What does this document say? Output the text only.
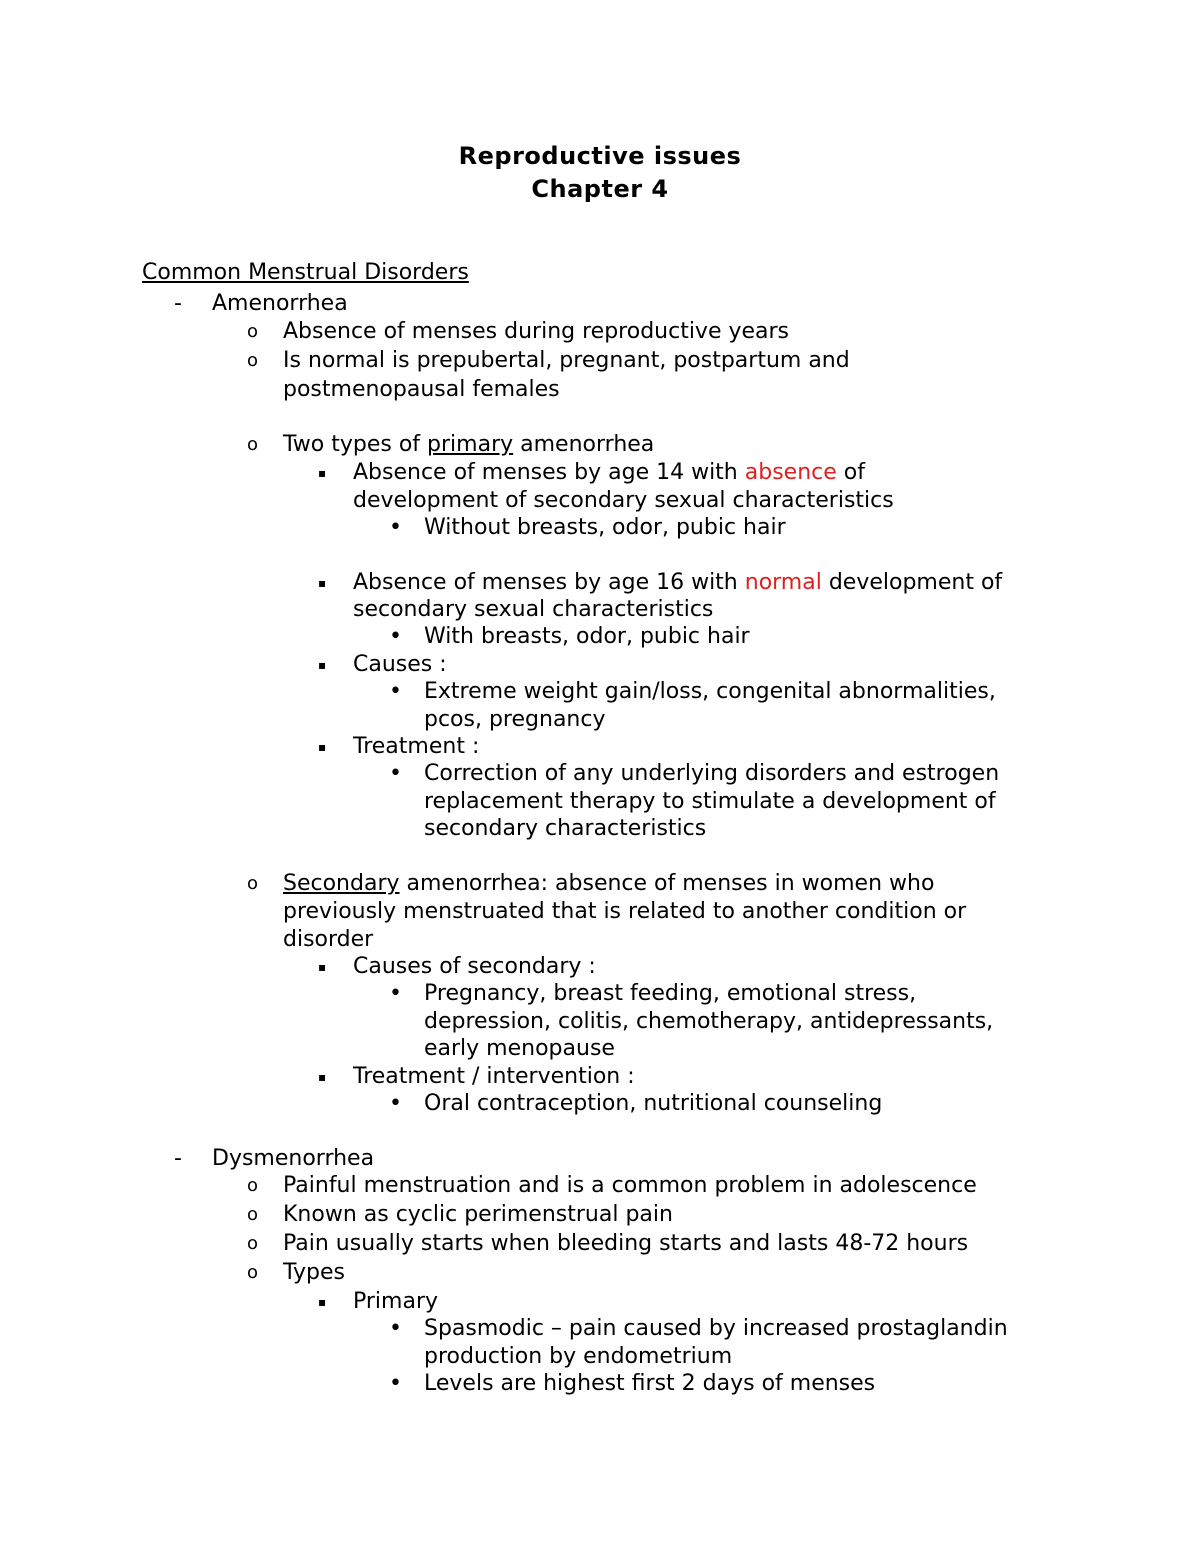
Reproductive issues
Chapter 4
Common Menstrual Disorders
- Amenorrhea
o Absence of menses during reproductive years
o Is normal is prepubertal, pregnant, postpartum and
postmenopausal females
o Two types of primary amenorrhea
▪ Absence of menses by age 14 with absence of
development of secondary sexual characteristics
• Without breasts, odor, pubic hair
▪ Absence of menses by age 16 with normal development of
secondary sexual characteristics
• With breasts, odor, pubic hair
▪ Causes :
• Extreme weight gain/loss, congenital abnormalities,
pcos, pregnancy
▪ Treatment :
• Correction of any underlying disorders and estrogen
replacement therapy to stimulate a development of
secondary characteristics
o Secondary amenorrhea: absence of menses in women who
previously menstruated that is related to another condition or
disorder
▪ Causes of secondary :
• Pregnancy, breast feeding, emotional stress,
depression, colitis, chemotherapy, antidepressants,
early menopause
▪ Treatment / intervention :
• Oral contraception, nutritional counseling
- Dysmenorrhea
o Painful menstruation and is a common problem in adolescence
o Known as cyclic perimenstrual pain
o Pain usually starts when bleeding starts and lasts 48-72 hours
o Types
▪ Primary
• Spasmodic – pain caused by increased prostaglandin
production by endometrium
• Levels are highest first 2 days of menses
